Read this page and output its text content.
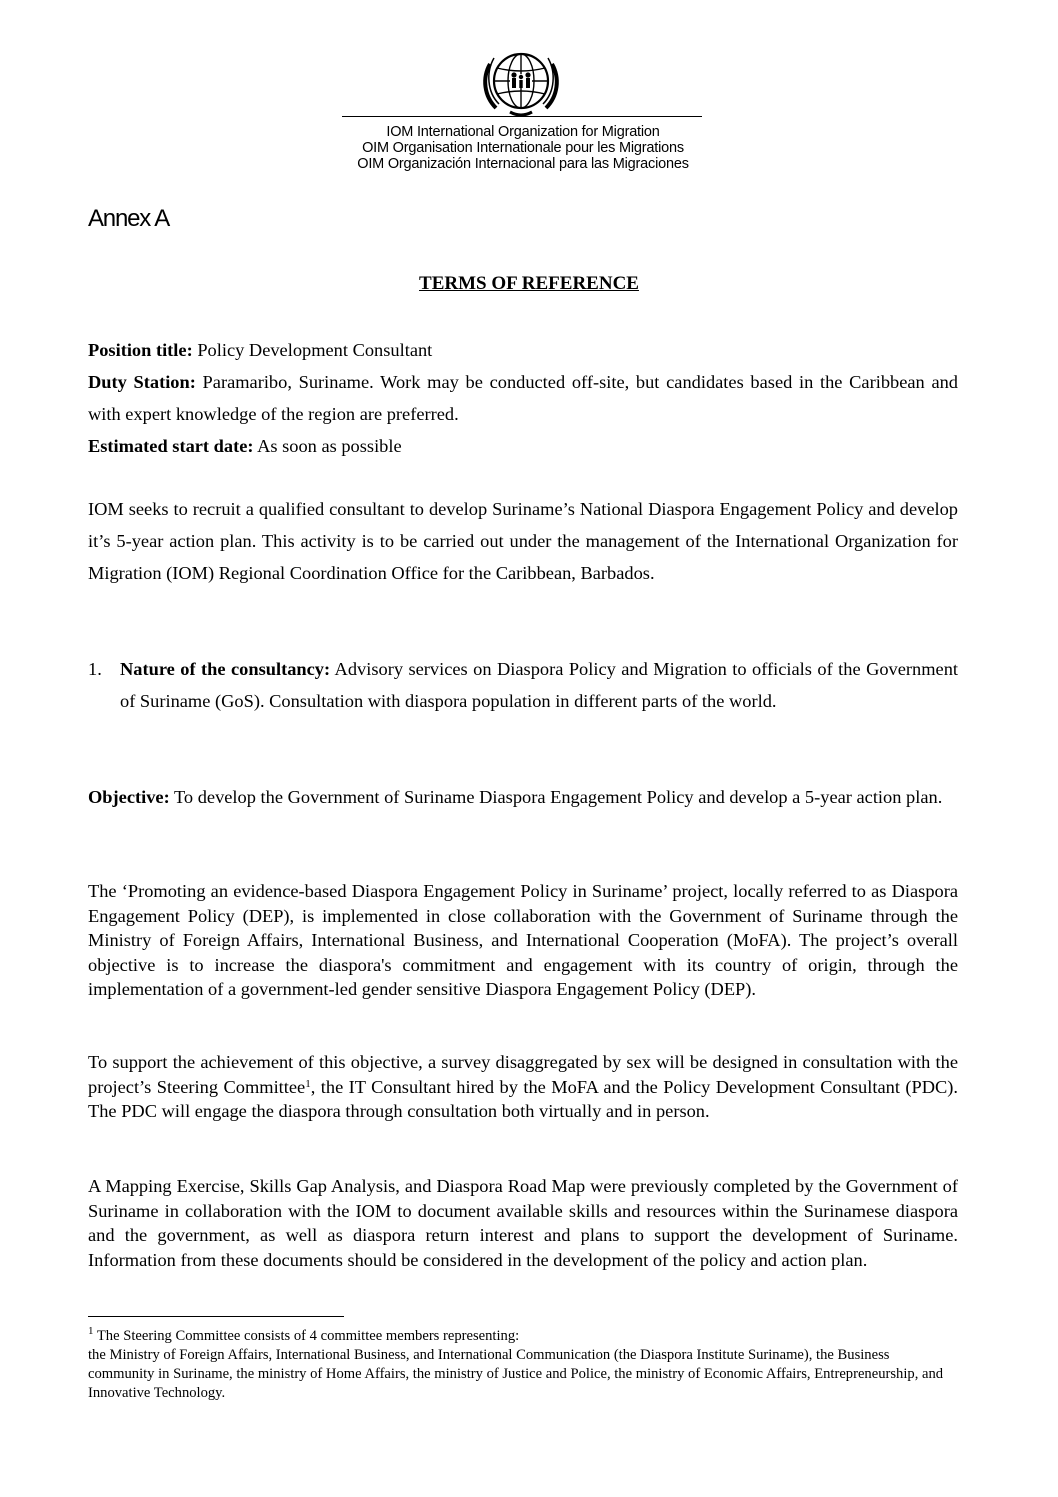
IOM International Organization for Migration
OIM Organisation Internationale pour les Migrations
OIM Organización Internacional para las Migraciones
Annex A
TERMS OF REFERENCE
Position title: Policy Development Consultant
Duty Station: Paramaribo, Suriname. Work may be conducted off-site, but candidates based in the Caribbean and with expert knowledge of the region are preferred.
Estimated start date: As soon as possible
IOM seeks to recruit a qualified consultant to develop Suriname’s National Diaspora Engagement Policy and develop it’s 5-year action plan. This activity is to be carried out under the management of the International Organization for Migration (IOM) Regional Coordination Office for the Caribbean, Barbados.
1. Nature of the consultancy: Advisory services on Diaspora Policy and Migration to officials of the Government of Suriname (GoS). Consultation with diaspora population in different parts of the world.
Objective: To develop the Government of Suriname Diaspora Engagement Policy and develop a 5-year action plan.
The ‘Promoting an evidence-based Diaspora Engagement Policy in Suriname’ project, locally referred to as Diaspora Engagement Policy (DEP), is implemented in close collaboration with the Government of Suriname through the Ministry of Foreign Affairs, International Business, and International Cooperation (MoFA). The project’s overall objective is to increase the diaspora's commitment and engagement with its country of origin, through the implementation of a government-led gender sensitive Diaspora Engagement Policy (DEP).
To support the achievement of this objective, a survey disaggregated by sex will be designed in consultation with the project’s Steering Committee$^1$, the IT Consultant hired by the MoFA and the Policy Development Consultant (PDC). The PDC will engage the diaspora through consultation both virtually and in person.
A Mapping Exercise, Skills Gap Analysis, and Diaspora Road Map were previously completed by the Government of Suriname in collaboration with the IOM to document available skills and resources within the Surinamese diaspora and the government, as well as diaspora return interest and plans to support the development of Suriname. Information from these documents should be considered in the development of the policy and action plan.
$^1$ The Steering Committee consists of 4 committee members representing:
the Ministry of Foreign Affairs, International Business, and International Communication (the Diaspora Institute Suriname), the Business community in Suriname, the ministry of Home Affairs, the ministry of Justice and Police, the ministry of Economic Affairs, Entrepreneurship, and Innovative Technology.
